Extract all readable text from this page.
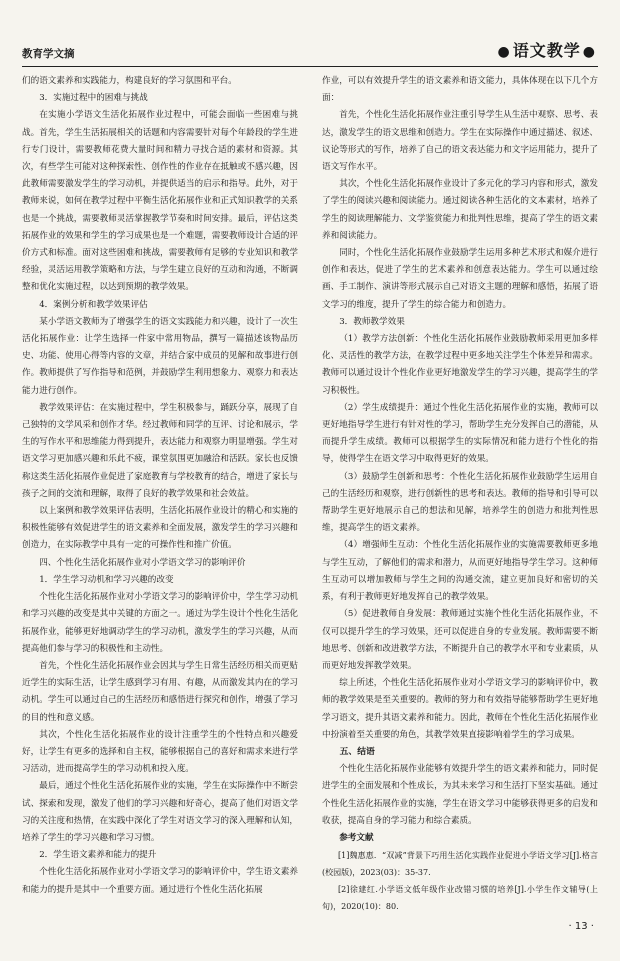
教育学文摘	● 语文教学 ●

们的语文素养和实践能力，构建良好的学习氛围和平台。

3．实施过程中的困难与挑战

在实施小学语文生活化拓展作业过程中，可能会面临一些困难与挑战。首先，学生生活拓展相关的话题和内容需要针对每个年龄段的学生进行专门设计，需要教师花费大量时间和精力寻找合适的素材和资源。其次，有些学生可能对这种探索性、创作性的作业存在抵触或不感兴趣，因此教师需要激发学生的学习动机，并提供适当的启示和指导。此外，对于教师来说，如何在教学过程中平衡生活化拓展作业和正式知识教学的关系也是一个挑战，需要教师灵活掌握教学节奏和时间安排。最后，评估这类拓展作业的效果和学生的学习成果也是一个难题，需要教师设计合适的评价方式和标准。面对这些困难和挑战，需要教师有足够的专业知识和教学经验，灵活运用教学策略和方法，与学生建立良好的互动和沟通，不断调整和优化实施过程，以达到预期的教学效果。

4．案例分析和教学效果评估

某小学语文教师为了增强学生的语文实践能力和兴趣，设计了一次生活化拓展作业：让学生选择一件家中常用物品，撰写一篇描述该物品历史、功能、使用心得等内容的文章，并结合家中成员的见解和故事进行创作。教师提供了写作指导和范例，并鼓励学生利用想象力、观察力和表达能力进行创作。

教学效果评估：在实施过程中，学生积极参与，踊跃分享，展现了自己独特的文学风采和创作才华。经过教师和同学的互评、讨论和展示，学生的写作水平和思维能力得到提升，表达能力和观察力明显增强。学生对语文学习更加感兴趣和乐此不疲，课堂氛围更加融洽和活跃。家长也反馈称这类生活化拓展作业促进了家庭教育与学校教育的结合，增进了家长与孩子之间的交流和理解，取得了良好的教学效果和社会效益。

以上案例和教学效果评估表明，生活化拓展作业设计的精心和实施的积极性能够有效促进学生的语文素养和全面发展，激发学生的学习兴趣和创造力，在实际教学中具有一定的可操作性和推广价值。

四、个性化生活化拓展作业对小学语文学习的影响评价
1．学生学习动机和学习兴趣的改变

个性化生活化拓展作业对小学语文学习的影响评价中，学生学习动机和学习兴趣的改变是其中关键的方面之一。通过为学生设计个性化生活化拓展作业，能够更好地调动学生的学习动机，激发学生的学习兴趣，从而提高他们参与学习的积极性和主动性。

首先，个性化生活化拓展作业会因其与学生日常生活经历相关而更贴近学生的实际生活，让学生感到学习有用、有趣，从而激发其内在的学习动机。学生可以通过自己的生活经历和感悟进行探究和创作，增强了学习的目的性和意义感。

其次，个性化生活化拓展作业的设计注重学生的个性特点和兴趣爱好，让学生有更多的选择和自主权，能够根据自己的喜好和需求来进行学习活动，进而提高学生的学习动机和投入度。

最后，通过个性化生活化拓展作业的实施，学生在实际操作中不断尝试、探索和发现，激发了他们的学习兴趣和好奇心，提高了他们对语文学习的关注度和热情，在实践中深化了学生对语文学习的深入理解和认知，培养了学生的学习兴趣和学习习惯。

2．学生语文素养和能力的提升

个性化生活化拓展作业对小学语文学习的影响评价中，学生语文素养和能力的提升是其中一个重要方面。通过进行个性化生活化拓展

作业，可以有效提升学生的语文素养和语文能力，具体体现在以下几个方面：

首先，个性化生活化拓展作业注重引导学生从生活中观察、思考、表达，激发学生的语文思维和创造力。学生在实际操作中通过描述、叙述、议论等形式的写作，培养了自己的语文表达能力和文字运用能力，提升了语文写作水平。

其次，个性化生活化拓展作业设计了多元化的学习内容和形式，激发了学生的阅读兴趣和阅读能力。通过阅读各种生活化的文本素材，培养了学生的阅读理解能力、文学鉴赏能力和批判性思维，提高了学生的语文素养和阅读能力。

同时，个性化生活化拓展作业鼓励学生运用多种艺术形式和媒介进行创作和表达，促进了学生的艺术素养和创意表达能力。学生可以通过绘画、手工制作、演讲等形式展示自己对语文主题的理解和感悟，拓展了语文学习的维度，提升了学生的综合能力和创造力。

3．教师教学效果

（1）教学方法创新：个性化生活化拓展作业鼓励教师采用更加多样化、灵活性的教学方法，在教学过程中更多地关注学生个体差异和需求。教师可以通过设计个性化作业更好地激发学生的学习兴趣，提高学生的学习积极性。

（2）学生成绩提升：通过个性化生活化拓展作业的实施，教师可以更好地指导学生进行有针对性的学习，帮助学生充分发挥自己的潜能，从而提升学生成绩。教师可以根据学生的实际情况和能力进行个性化的指导，使得学生在语文学习中取得更好的效果。

（3）鼓励学生创新和思考：个性化生活化拓展作业鼓励学生运用自己的生活经历和观察，进行创新性的思考和表达。教师的指导和引导可以帮助学生更好地展示自己的想法和见解，培养学生的创造力和批判性思维，提高学生的语文素养。

（4）增强师生互动：个性化生活化拓展作业的实施需要教师更多地与学生互动，了解他们的需求和潜力，从而更好地指导学生学习。这种师生互动可以增加教师与学生之间的沟通交流，建立更加良好和密切的关系，有利于教师更好地发挥自己的教学效果。

（5）促进教师自身发展：教师通过实施个性化生活化拓展作业，不仅可以提升学生的学习效果，还可以促进自身的专业发展。教师需要不断地思考、创新和改进教学方法，不断提升自己的教学水平和专业素质，从而更好地发挥教学效果。

综上所述，个性化生活化拓展作业对小学语文学习的影响评价中，教师的教学效果是至关重要的。教师的努力和有效指导能够帮助学生更好地学习语文，提升其语文素养和能力。因此，教师在个性化生活化拓展作业中扮演着至关重要的角色，其教学效果直接影响着学生的学习成果。

五、结语

个性化生活化拓展作业能够有效提升学生的语文素养和能力，同时促进学生的全面发展和个性成长，为其未来学习和生活打下坚实基础。通过个性化生活化拓展作业的实施，学生在语文学习中能够获得更多的启发和收获，提高自身的学习能力和综合素质。

参考文献

[1]魏惠惠．“双减”背景下巧用生活化实践作业促进小学语文学习[J].格言(校园版)，2023(03)：35-37.

[2]徐建红.小学语文低年级作业改错习惯的培养[J].小学生作文辅导(上旬)，2020(10)：80.

· 13 ·
